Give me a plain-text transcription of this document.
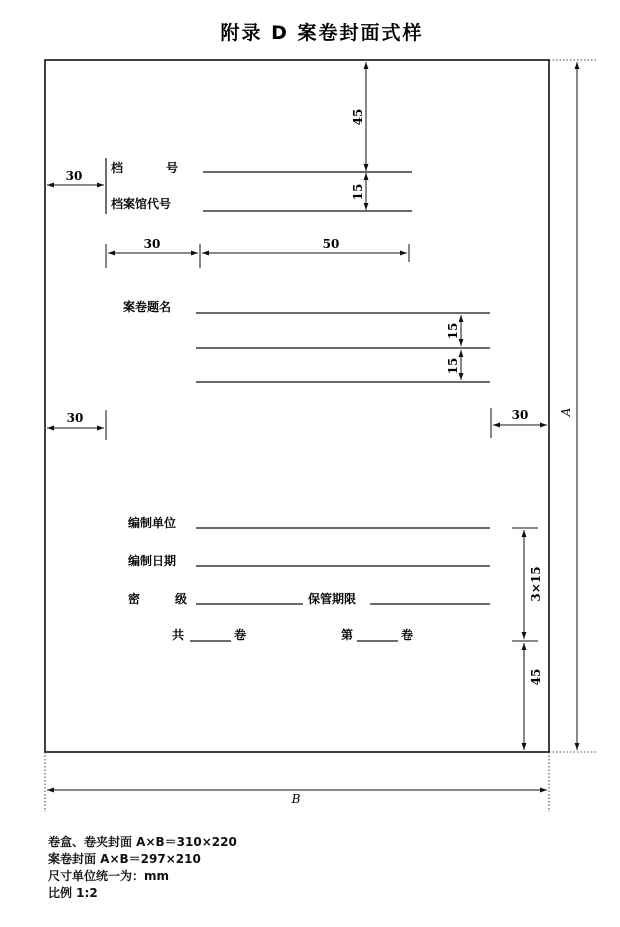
附录 D 案卷封面式样
A
B
45
15
档	号
档案馆代号
30
30	50
案卷题名
15
15
30	30
编制单位
编制日期
密	级	保管期限
共	卷	第	卷
3×15
45
卷盒、卷夹封面 A×B＝310×220
案卷封面 A×B＝297×210
尺寸单位统一为：mm
比例 1:2
